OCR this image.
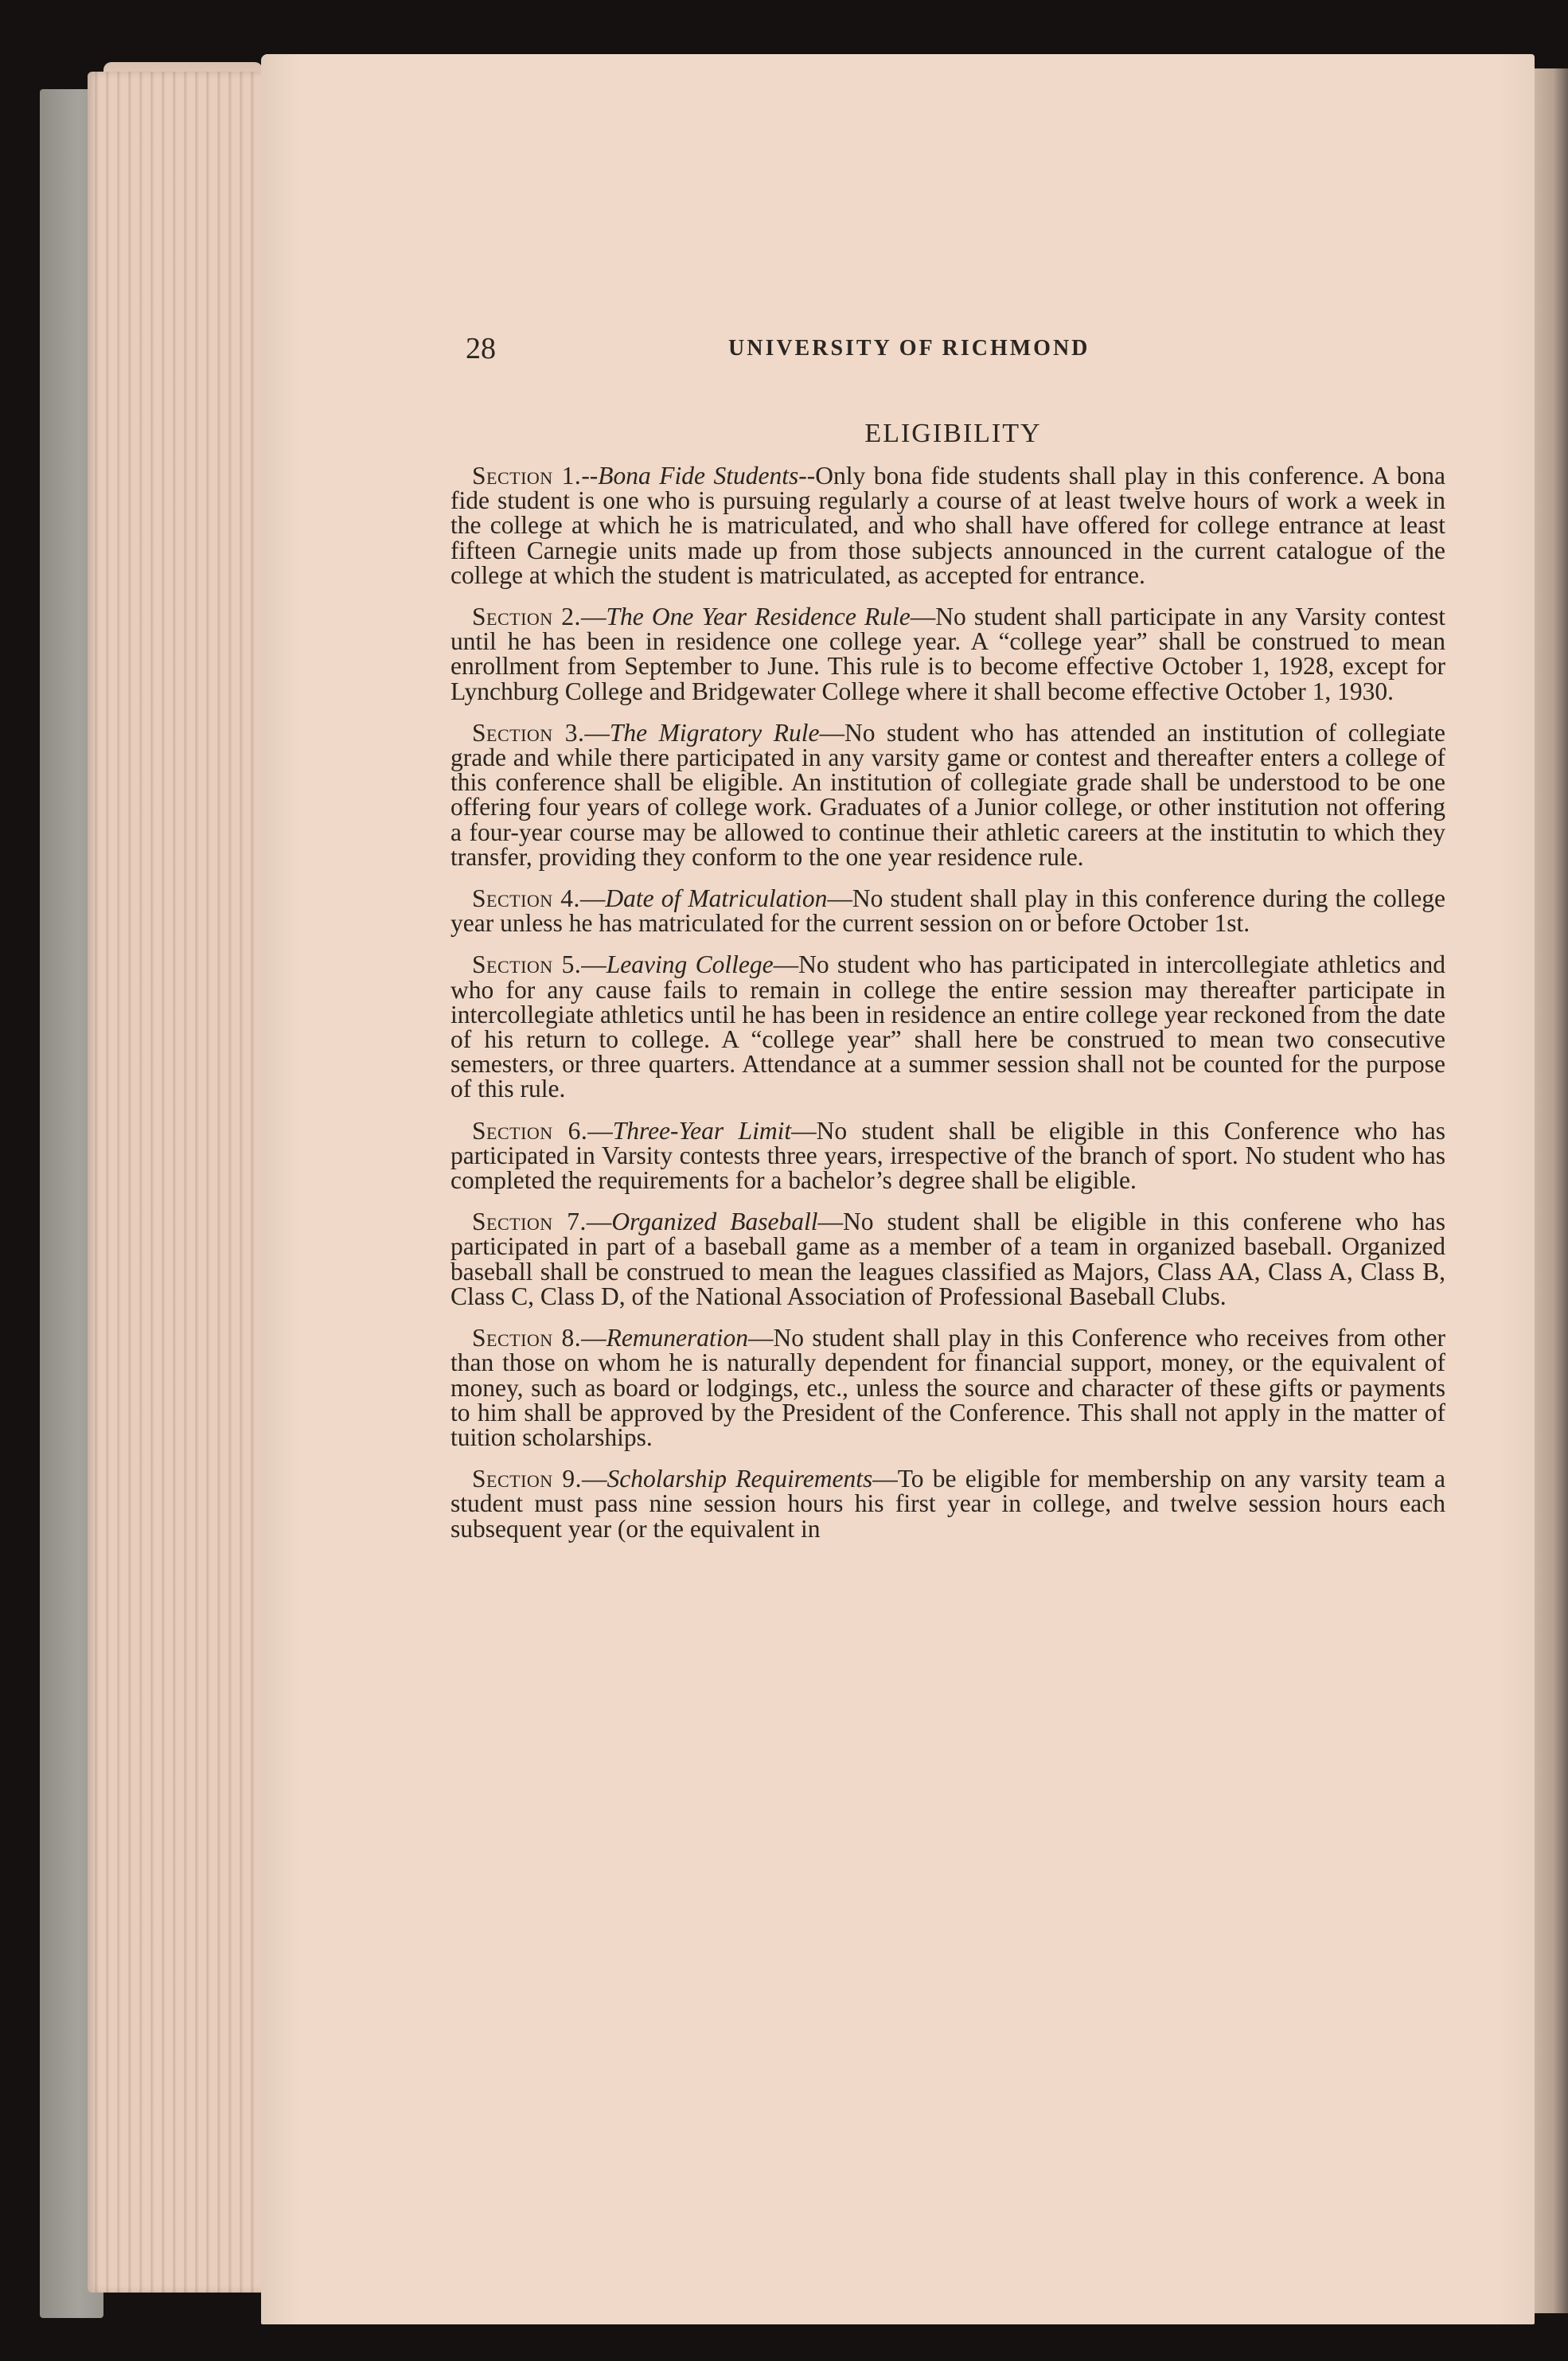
28	UNIVERSITY OF RICHMOND
ELIGIBILITY

Section 1.--Bona Fide Students--Only bona fide students shall play in this conference. A bona fide student is one who is pursuing regularly a course of at least twelve hours of work a week in the college at which he is matriculated, and who shall have offered for college entrance at least fifteen Carnegie units made up from those subjects announced in the current catalogue of the college at which the student is matriculated, as accepted for entrance.

Section 2.—The One Year Residence Rule—No student shall participate in any Varsity contest until he has been in residence one college year. A “college year” shall be construed to mean enrollment from September to June. This rule is to become effective October 1, 1928, except for Lynchburg College and Bridgewater College where it shall become effective October 1, 1930.

Section 3.—The Migratory Rule—No student who has attended an institution of collegiate grade and while there participated in any varsity game or contest and thereafter enters a college of this conference shall be eligible. An institution of collegiate grade shall be understood to be one offering four years of college work. Graduates of a Junior college, or other institution not offering a four-year course may be allowed to continue their athletic careers at the institutin to which they transfer, providing they conform to the one year residence rule.

Section 4.—Date of Matriculation—No student shall play in this conference during the college year unless he has matriculated for the current session on or before October 1st.

Section 5.—Leaving College—No student who has participated in intercollegiate athletics and who for any cause fails to remain in college the entire session may thereafter participate in intercollegiate athletics until he has been in residence an entire college year reckoned from the date of his return to college. A “college year” shall here be construed to mean two consecutive semesters, or three quarters. Attendance at a summer session shall not be counted for the purpose of this rule.

Section 6.—Three-Year Limit—No student shall be eligible in this Conference who has participated in Varsity contests three years, irrespective of the branch of sport. No student who has completed the requirements for a bachelor’s degree shall be eligible.

Section 7.—Organized Baseball—No student shall be eligible in this conferene who has participated in part of a baseball game as a member of a team in organized baseball. Organized baseball shall be construed to mean the leagues classified as Majors, Class AA, Class A, Class B, Class C, Class D, of the National Association of Professional Baseball Clubs.

Section 8.—Remuneration—No student shall play in this Conference who receives from other than those on whom he is naturally dependent for financial support, money, or the equivalent of money, such as board or lodgings, etc., unless the source and character of these gifts or payments to him shall be approved by the President of the Conference. This shall not apply in the matter of tuition scholarships.

Section 9.—Scholarship Requirements—To be eligible for membership on any varsity team a student must pass nine session hours his first year in college, and twelve session hours each subsequent year (or the equivalent in
